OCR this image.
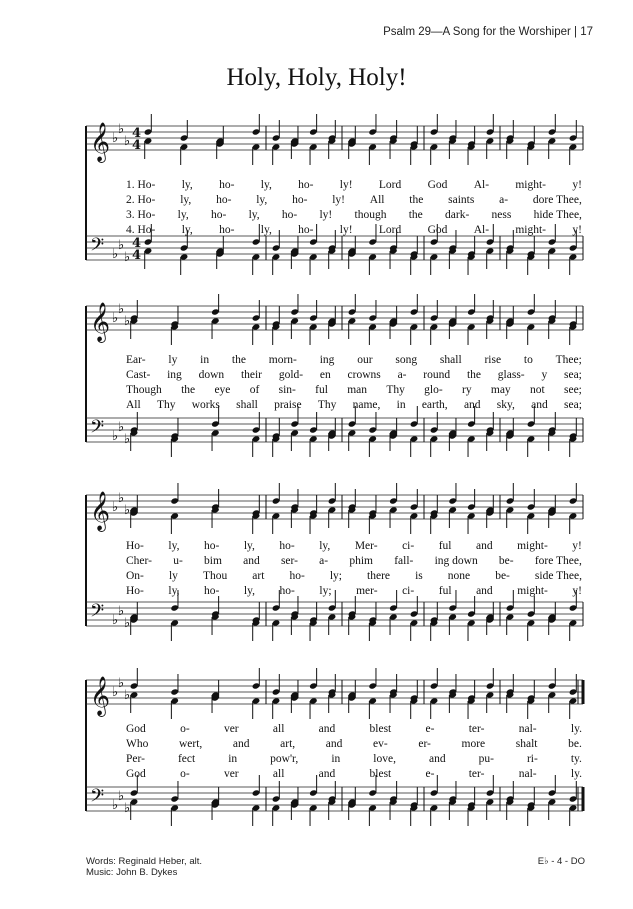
Psalm 29—A Song for the Worshiper | 17
Holy, Holy, Holy!
𝄞 ♭
♭
♭
4
4
𝄢 ♭
♭
♭
4
4
1. Ho- ly, ho- ly, ho- ly! Lord God Al- might- y!
2. Ho- ly, ho- ly, ho- ly! All the saints a- dore Thee,
3. Ho- ly, ho- ly, ho- ly! though the dark- ness hide Thee,
4. Ho- ly, ho- ly, ho- ly! Lord God Al- might- y!
𝄞 ♭
♭
♭
𝄢 ♭
♭
♭
Ear- ly in the morn- ing our song shall rise to Thee;
Cast- ing down their gold- en crowns a- round the glass- y sea;
Though the eye of sin- ful man Thy glo- ry may not see;
All Thy works shall praise Thy name, in earth, and sky, and sea;
𝄞 ♭
♭
♭
𝄢 ♭
♭
♭
Ho- ly, ho- ly, ho- ly, Mer- ci- ful and might- y!
Cher- u- bim and ser- a- phim fall- ing down be- fore Thee,
On- ly Thou art ho- ly; there is none be- side Thee,
Ho- ly, ho- ly, ho- ly; mer- ci- ful and might- y!
𝄞 ♭
♭
♭
𝄢 ♭
♭
♭
God	o-	ver	all	and	blest	e-	ter-	nal-	ly.
Who	wert,	and	art,	and	ev-	er-	more	shalt	be.
Per-	fect	in	pow'r,	in	love,	and	pu-	ri-	ty.
God	o-	ver	all	and	blest	e-	ter-	nal-	ly.
Words: Reginald Heber, alt.
Music: John B. Dykes
E♭ - 4 - DO
